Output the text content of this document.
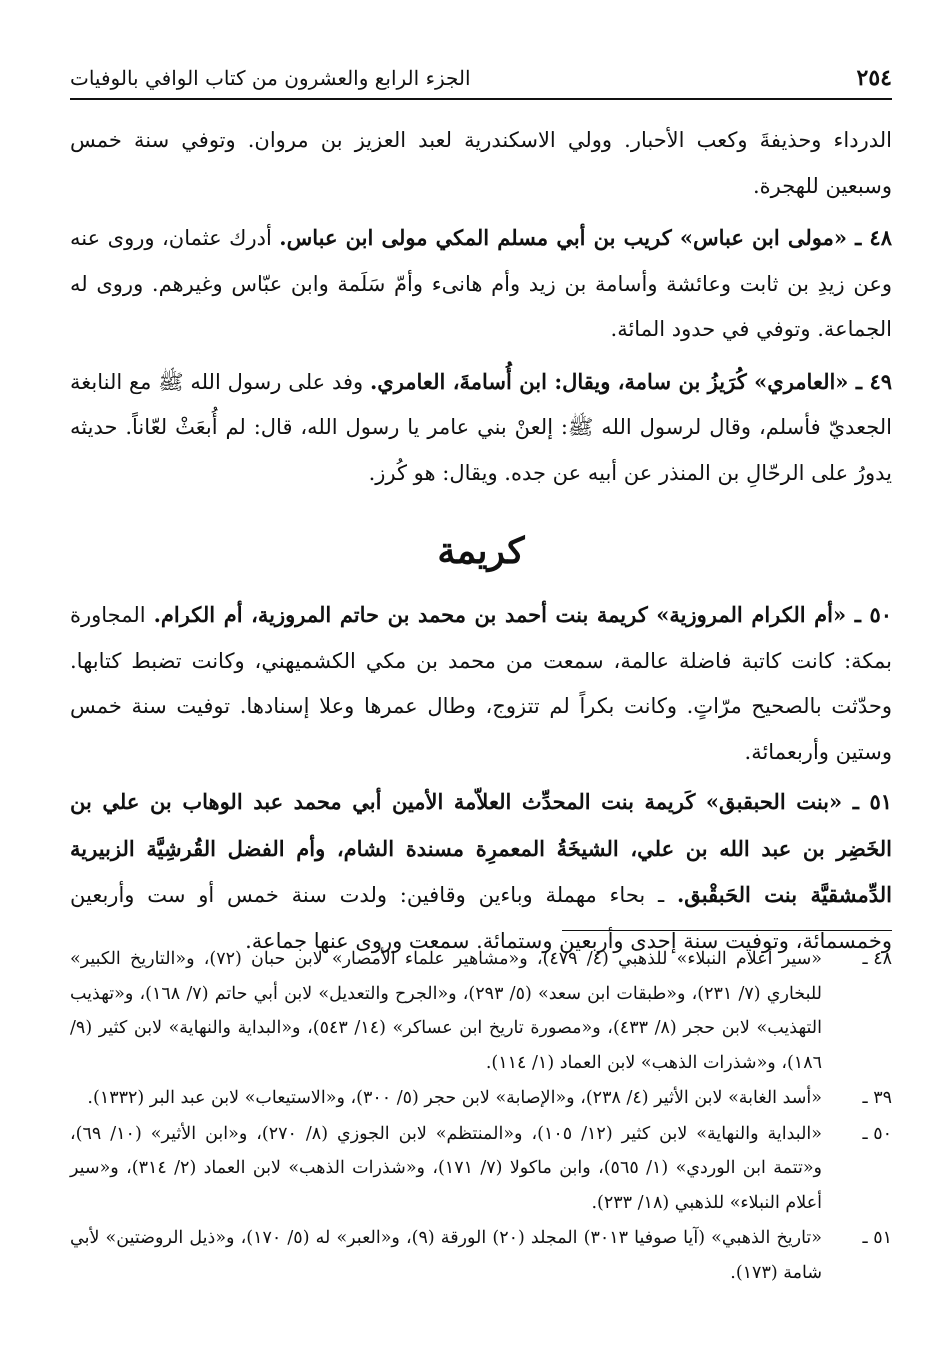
٢٥٤
الجزء الرابع والعشرون من كتاب الوافي بالوفيات

الدرداء وحذيفةَ وكعب الأحبار. وولي الاسكندرية لعبد العزيز بن مروان. وتوفي سنة خمس وسبعين للهجرة.

٤٨ ـ «مولى ابن عباس» كريب بن أبي مسلم المكي مولى ابن عباس. أدرك عثمان، وروى عنه وعن زيدِ بن ثابت وعائشة وأسامة بن زيد وأم هانىء وأمّ سَلَمة وابن عبّاس وغيرهم. وروى له الجماعة. وتوفي في حدود المائة.

٤٩ ـ «العامري» كُرَيزُ بن سامة، ويقال: ابن أُسامةَ، العامري. وفد على رسول الله ﷺ مع النابغة الجعديّ فأسلم، وقال لرسول الله ﷺ: إلعنْ بني عامر يا رسول الله، قال: لم أُبعَثْ لعّاناً. حديثه يدورُ على الرحّالِ بن المنذر عن أبيه عن جده. ويقال: هو كُرز.

كريمة

٥٠ ـ «أم الكرام المروزية» كريمة بنت أحمد بن محمد بن حاتم المروزية، أم الكرام. المجاورة بمكة: كانت كاتبة فاضلة عالمة، سمعت من محمد بن مكي الكشميهني، وكانت تضبط كتابها. وحدّثت بالصحيح مرّاتٍ. وكانت بكراً لم تتزوج، وطال عمرها وعلا إسنادها. توفيت سنة خمس وستين وأربعمائة.

٥١ ـ «بنت الحبقبق» كَريمة بنت المحدِّث العلاّمة الأمين أبي محمد عبد الوهاب بن علي بن الخَضِر بن عبد الله بن علي، الشيخَةُ المعمرِة مسندة الشام، وأم الفضل القُرشِيَّة الزبيرية الدِّمشقيَّة بنت الحَبقْبق. ـ بحاء مهملة وباءين وقافين: ولدت سنة خمس أو ست وأربعين وخمسمائة، وتوفيت سنة إحدى وأربعين وستمائة. سمعت وروى عنها جماعة.

٤٨ ـ
«سير أعلام النبلاء» للذهبي (٤/ ٤٧٩)، و«مشاهير علماء الأمصار» لابن حبان (٧٢)، و«التاريخ الكبير» للبخاري (٧/ ٢٣١)، و«طبقات ابن سعد» (٥/ ٢٩٣)، و«الجرح والتعديل» لابن أبي حاتم (٧/ ١٦٨)، و«تهذيب التهذيب» لابن حجر (٨/ ٤٣٣)، و«مصورة تاريخ ابن عساكر» (١٤/ ٥٤٣)، و«البداية والنهاية» لابن كثير (٩/ ١٨٦)، و«شذرات الذهب» لابن العماد (١/ ١١٤).
٣٩ ـ
«أسد الغابة» لابن الأثير (٤/ ٢٣٨)، و«الإصابة» لابن حجر (٥/ ٣٠٠)، و«الاستيعاب» لابن عبد البر (١٣٣٢).
٥٠ ـ
«البداية والنهاية» لابن كثير (١٢/ ١٠٥)، و«المنتظم» لابن الجوزي (٨/ ٢٧٠)، و«ابن الأثير» (١٠/ ٦٩)، و«تتمة ابن الوردي» (١/ ٥٦٥)، وابن ماكولا (٧/ ١٧١)، و«شذرات الذهب» لابن العماد (٢/ ٣١٤)، و«سير أعلام النبلاء» للذهبي (١٨/ ٢٣٣).
٥١ ـ
«تاريخ الذهبي» (آيا صوفيا ٣٠١٣) المجلد (٢٠) الورقة (٩)، و«العبر» له (٥/ ١٧٠)، و«ذيل الروضتين» لأبي شامة (١٧٣).
